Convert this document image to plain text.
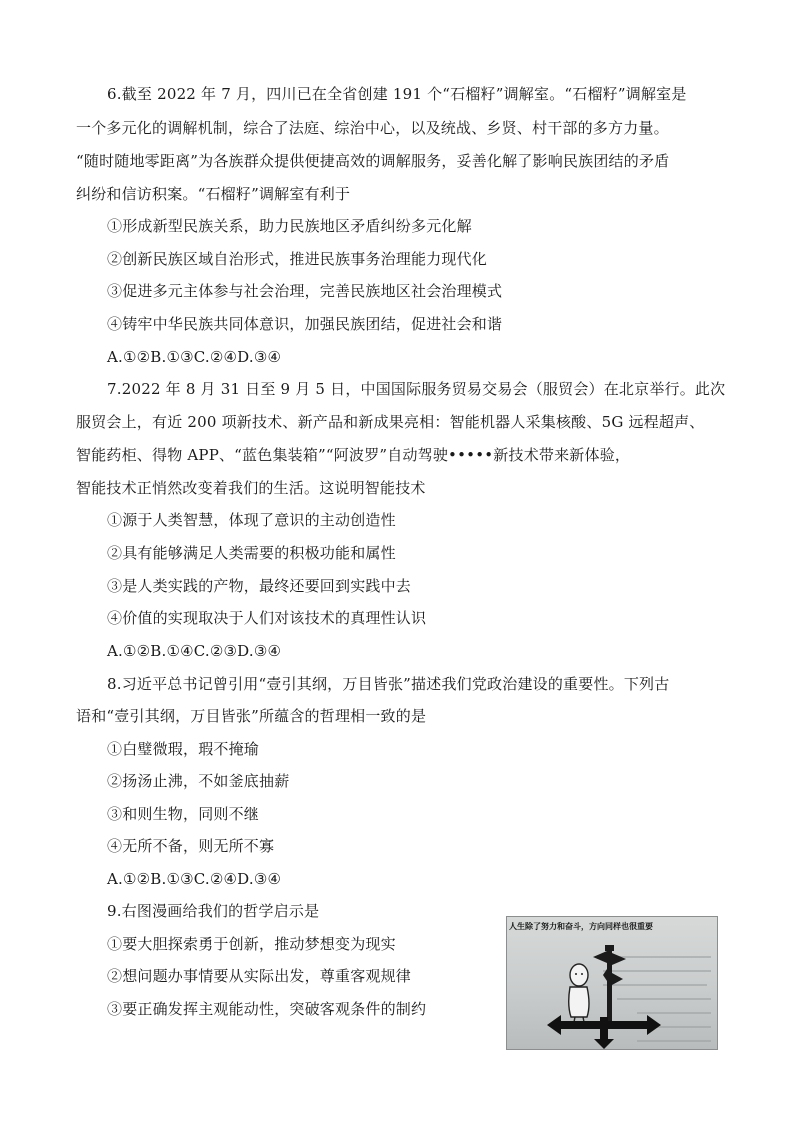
6.截至 2022 年 7 月，四川已在全省创建 191 个“石榴籽”调解室。“石榴籽”调解室是
一个多元化的调解机制，综合了法庭、综治中心，以及统战、乡贤、村干部的多方力量。
“随时随地零距离”为各族群众提供便捷高效的调解服务，妥善化解了影响民族团结的矛盾
纠纷和信访积案。“石榴籽”调解室有利于
①形成新型民族关系，助力民族地区矛盾纠纷多元化解
②创新民族区域自治形式，推进民族事务治理能力现代化
③促进多元主体参与社会治理，完善民族地区社会治理模式
④铸牢中华民族共同体意识，加强民族团结，促进社会和谐
A.①②B.①③C.②④D.③④
7.2022 年 8 月 31 日至 9 月 5 日，中国国际服务贸易交易会（服贸会）在北京举行。此次
服贸会上，有近 200 项新技术、新产品和新成果亮相：智能机器人采集核酸、5G 远程超声、
智能药柜、得物 APP、“蓝色集装箱”“阿波罗”自动驾驶•••••新技术带来新体验，
智能技术正悄然改变着我们的生活。这说明智能技术
①源于人类智慧，体现了意识的主动创造性
②具有能够满足人类需要的积极功能和属性
③是人类实践的产物，最终还要回到实践中去
④价值的实现取决于人们对该技术的真理性认识
A.①②B.①④C.②③D.③④
8.习近平总书记曾引用“壹引其纲，万目皆张”描述我们党政治建设的重要性。下列古
语和“壹引其纲，万目皆张”所蕴含的哲理相一致的是
①白璧微瑕，瑕不掩瑜
②扬汤止沸，不如釜底抽薪
③和则生物，同则不继
④无所不备，则无所不寡
A.①②B.①③C.②④D.③④
9.右图漫画给我们的哲学启示是
①要大胆探索勇于创新，推动梦想变为现实
②想问题办事情要从实际出发，尊重客观规律
③要正确发挥主观能动性，突破客观条件的制约
人生除了努力和奋斗，方向同样也很重要
